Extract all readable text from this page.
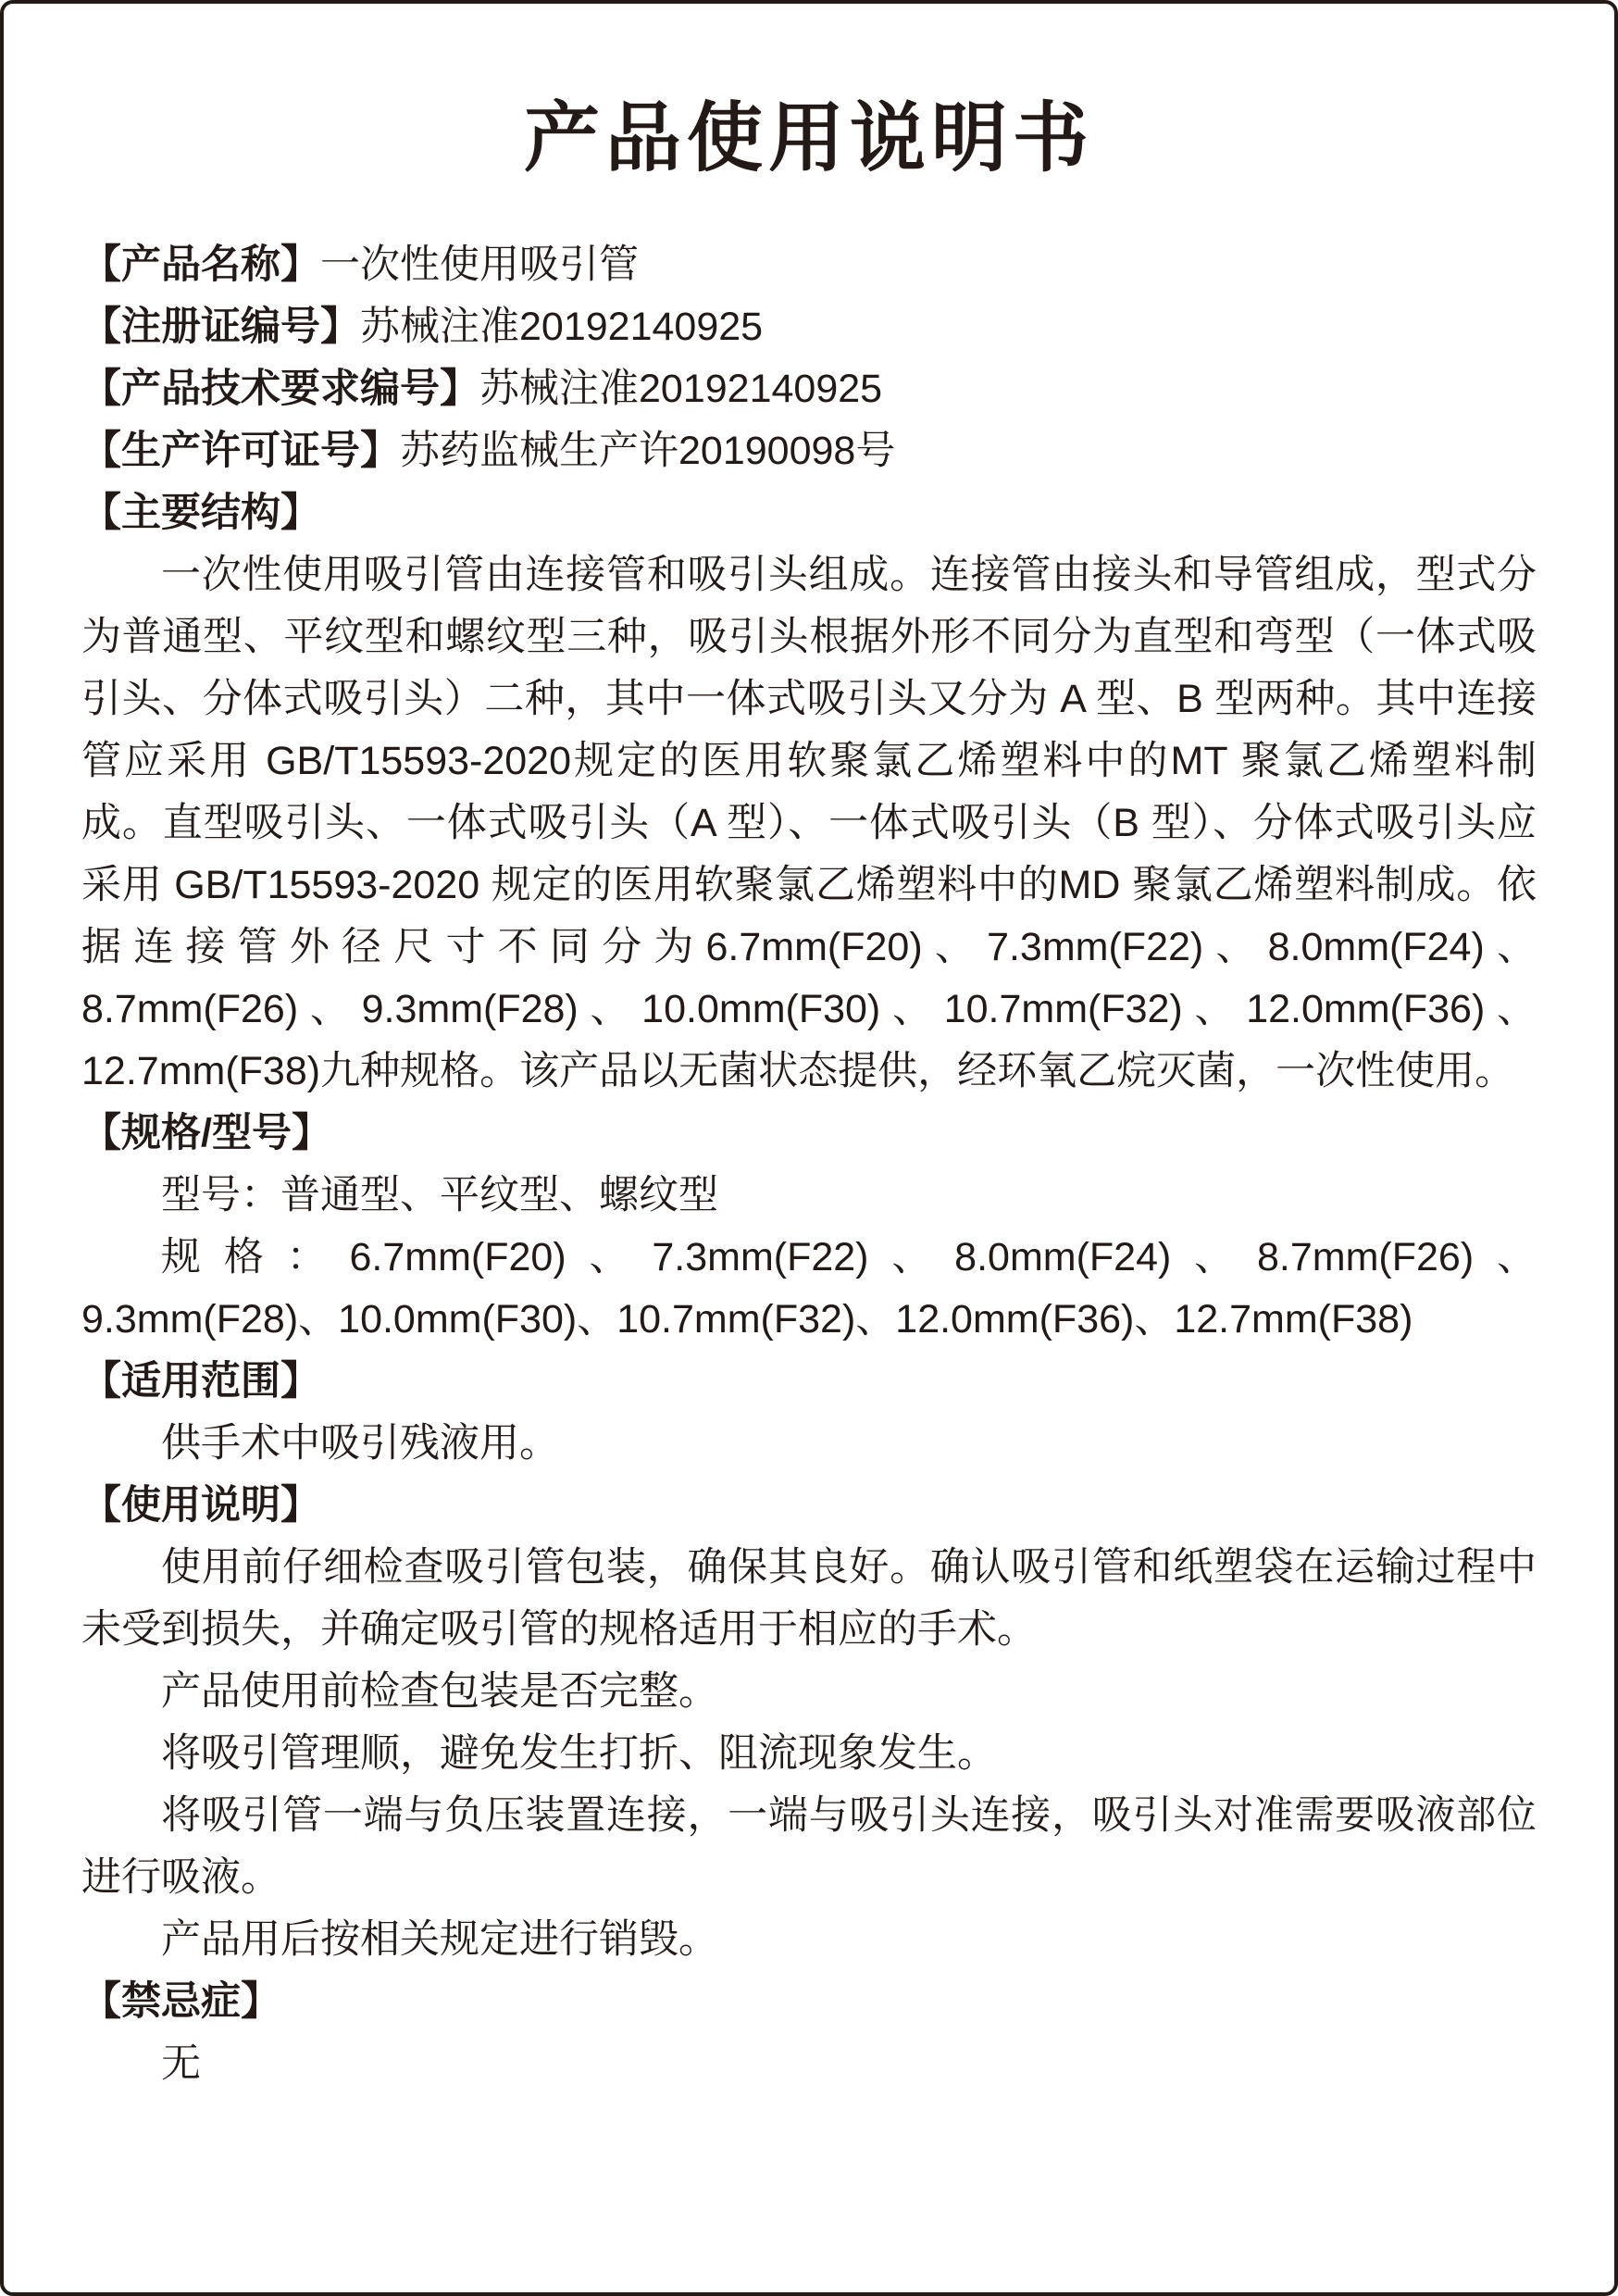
产品使用说明书
【产品名称】一次性使用吸引管
【注册证编号】苏械注准20192140925
【产品技术要求编号】苏械注准20192140925
【生产许可证号】苏药监械生产许20190098号
【主要结构】

一次性使用吸引管由连接管和吸引头组成。连接管由接头和导管组成，型式分为普通型、平纹型和螺纹型三种，吸引头根据外形不同分为直型和弯型（一体式吸引头、分体式吸引头）二种，其中一体式吸引头又分为 A 型、B 型两种。其中连接管应采用 GB/T15593-2020规定的医用软聚氯乙烯塑料中的MT 聚氯乙烯塑料制成。直型吸引头、一体式吸引头（A 型）、一体式吸引头（B 型）、分体式吸引头应采用 GB/T15593-2020 规定的医用软聚氯乙烯塑料中的MD 聚氯乙烯塑料制成。依据连接管外径尺寸不同分为6.7mm(F20)、7.3mm(F22)、8.0mm(F24)、8.7mm(F26)、9.3mm(F28)、10.0mm(F30)、10.7mm(F32)、12.0mm(F36)、12.7mm(F38)九种规格。该产品以无菌状态提供，经环氧乙烷灭菌，一次性使用。

【规格/型号】

型号：普通型、平纹型、螺纹型

规格：6.7mm(F20)、7.3mm(F22)、8.0mm(F24)、8.7mm(F26)、9.3mm(F28)、10.0mm(F30)、10.7mm(F32)、12.0mm(F36)、12.7mm(F38)

【适用范围】

供手术中吸引残液用。

【使用说明】

使用前仔细检查吸引管包装，确保其良好。确认吸引管和纸塑袋在运输过程中未受到损失，并确定吸引管的规格适用于相应的手术。

产品使用前检查包装是否完整。

将吸引管理顺，避免发生打折、阻流现象发生。

将吸引管一端与负压装置连接，一端与吸引头连接，吸引头对准需要吸液部位进行吸液。

产品用后按相关规定进行销毁。

【禁忌症】

无
